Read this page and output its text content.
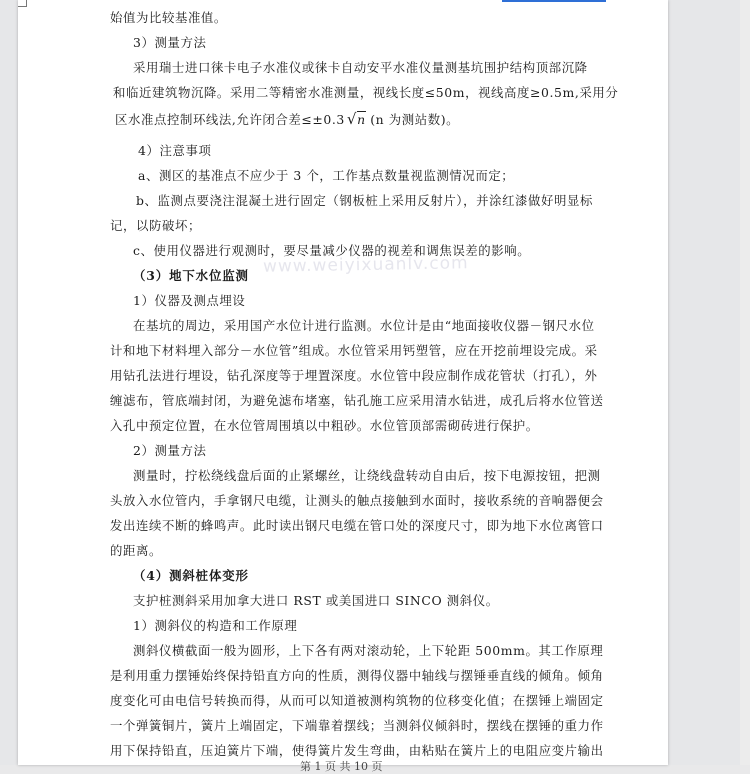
www.weiyixuanlv.com
始值为比较基准值。
3）测量方法
采用瑞士进口徕卡电子水准仪或徕卡自动安平水准仪量测基坑围护结构顶部沉降
和临近建筑物沉降。采用二等精密水准测量，视线长度≤50m，视线高度≥0.5m,采用分
区水准点控制环线法,允许闭合差≤±0.3 √n (n 为测站数)。
4）注意事项
a、测区的基准点不应少于 3 个，工作基点数量视监测情况而定；
b、监测点要浇注混凝土进行固定（钢板桩上采用反射片），并涂红漆做好明显标
记，以防破坏；
c、使用仪器进行观测时，要尽量减少仪器的视差和调焦误差的影响。
（3）地下水位监测
1）仪器及测点埋设
在基坑的周边，采用国产水位计进行监测。水位计是由“地面接收仪器－钢尺水位
计和地下材料埋入部分－水位管”组成。水位管采用钙塑管，应在开挖前埋设完成。采
用钻孔法进行埋设，钻孔深度等于埋置深度。水位管中段应制作成花管状（打孔），外
缠滤布，管底端封闭，为避免滤布堵塞，钻孔施工应采用清水钻进，成孔后将水位管送
入孔中预定位置，在水位管周围填以中粗砂。水位管顶部需砌砖进行保护。
2）测量方法
测量时，拧松绕线盘后面的止紧螺丝，让绕线盘转动自由后，按下电源按钮，把测
头放入水位管内，手拿钢尺电缆，让测头的触点接触到水面时，接收系统的音响器便会
发出连续不断的蜂鸣声。此时读出钢尺电缆在管口处的深度尺寸，即为地下水位离管口
的距离。
（4）测斜桩体变形
支护桩测斜采用加拿大进口 RST 或美国进口 SINCO 测斜仪。
1）测斜仪的构造和工作原理
测斜仪横截面一般为圆形，上下各有两对滚动轮，上下轮距 500mm。其工作原理
是利用重力摆锤始终保持铅直方向的性质，测得仪器中轴线与摆锤垂直线的倾角。倾角
度变化可由电信号转换而得，从而可以知道被测构筑物的位移变化值；在摆锤上端固定
一个弹簧铜片，簧片上端固定，下端靠着摆线；当测斜仪倾斜时，摆线在摆锤的重力作
用下保持铅直，压迫簧片下端，使得簧片发生弯曲，由粘贴在簧片上的电阻应变片输出
第 1 页 共 10 页
